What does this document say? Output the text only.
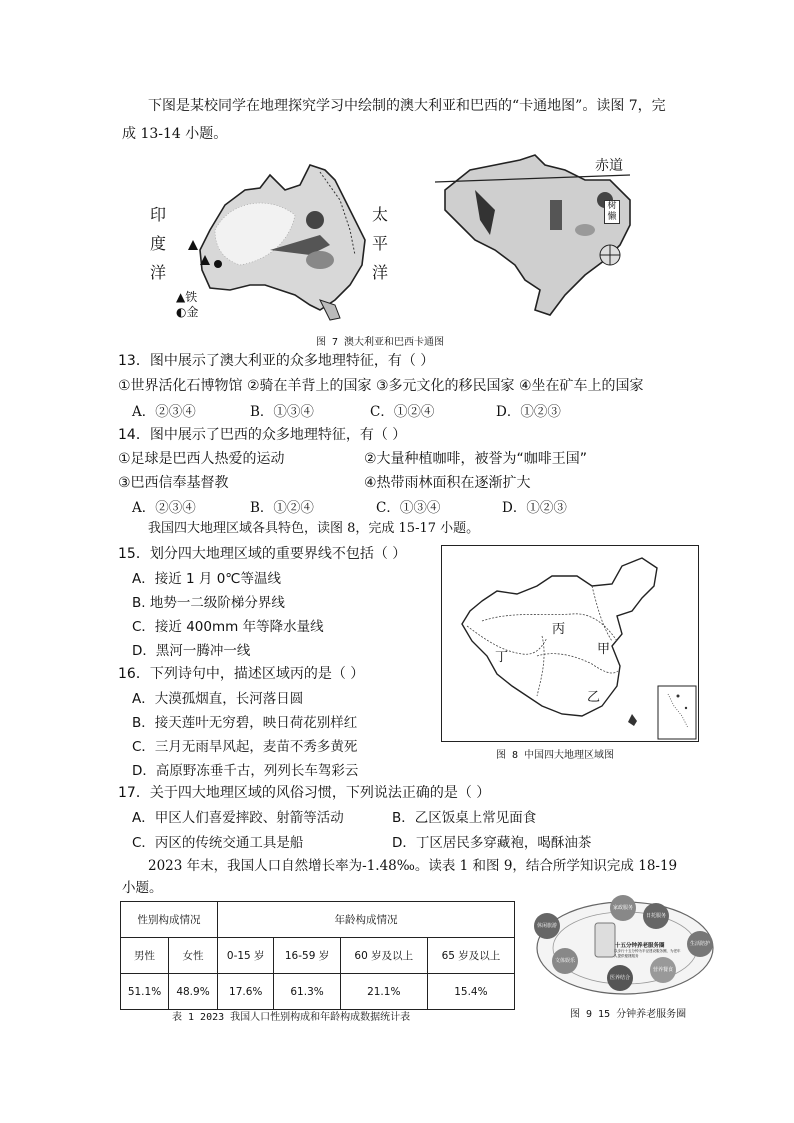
下图是某校同学在地理探究学习中绘制的澳大利亚和巴西的“卡通地图”。读图 7，完
成 13-14 小题。
印
度
洋
太
平
洋
▲铁
◐金
赤道
树懒
图 7 澳大利亚和巴西卡通图
13．图中展示了澳大利亚的众多地理特征，有（ ）
①世界活化石博物馆 ②骑在羊背上的国家 ③多元文化的移民国家 ④坐在矿车上的国家
A．②③④	B．①③④	C．①②④	D．①②③
14．图中展示了巴西的众多地理特征，有（ ）
①足球是巴西人热爱的运动	②大量种植咖啡，被誉为“咖啡王国”
③巴西信奉基督教	④热带雨林面积在逐渐扩大
A．②③④	B．①②④	C．①③④	D．①②③
我国四大地理区域各具特色，读图 8，完成 15-17 小题。
15．划分四大地理区域的重要界线不包括（ ）
A．接近 1 月 0℃等温线
B. 地势一二级阶梯分界线
C．接近 400mm 年等降水量线
D．黑河一腾冲一线
16．下列诗句中，描述区域丙的是（ ）
A．大漠孤烟直，长河落日圆
B．接天莲叶无穷碧，映日荷花别样红
C．三月无雨旱风起，麦苗不秀多黄死
D．高原野冻垂千古，列列长车驾彩云
丙
甲
丁
乙
图 8 中国四大地理区域图
17．关于四大地理区域的风俗习惯，下列说法正确的是（ ）
A．甲区人们喜爱摔跤、射箭等活动	B．乙区饭桌上常见面食
C．丙区的传统交通工具是船	D．丁区居民多穿藏袍，喝酥油茶
2023 年末，我国人口自然增长率为-1.48‰。读表 1 和图 9，结合所学知识完成 18-19
小题。
性别构成情况		年龄构成情况			
男性	女性	0-15 岁	16-59 岁	60 岁及以上	65 岁及以上
51.1%	48.9%	17.6%	61.3%	21.1%	15.4%
表 1 2023 我国人口性别构成和年龄构成数据统计表
十五分钟养老服务圈
以步行十五分钟为半径建设服务圈，为老年人提供便捷服务
家政服务
日托服务
生活陪护
营养餐食
医养结合
文体娱乐
休闲旅游
图 9 15 分钟养老服务圈
